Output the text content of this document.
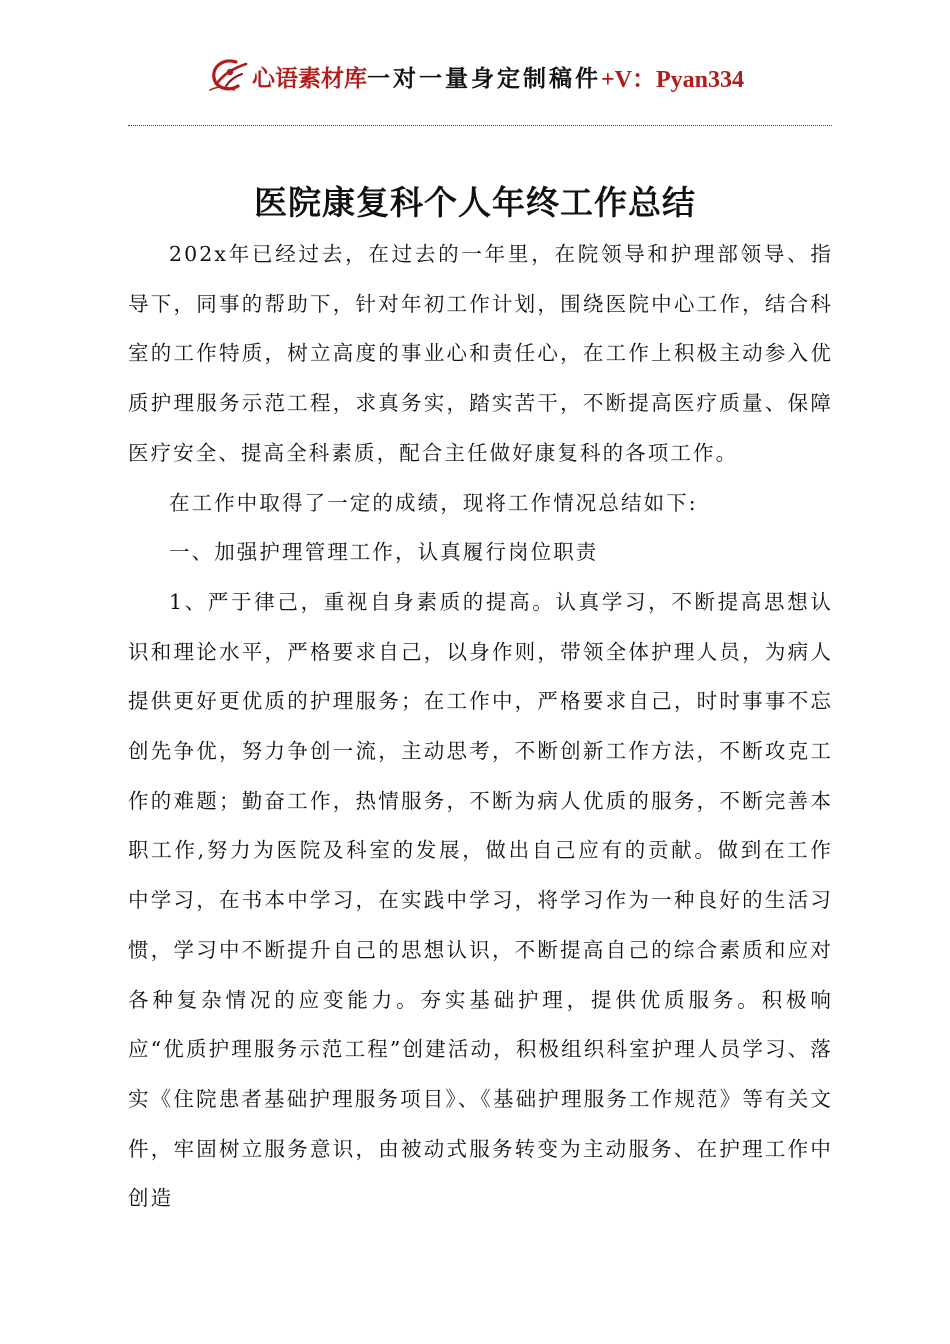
心语素材库一对一量身定制稿件+V：Pyan334
医院康复科个人年终工作总结

202x年已经过去，在过去的一年里，在院领导和护理部领导、指导下，同事的帮助下，针对年初工作计划，围绕医院中心工作，结合科室的工作特质，树立高度的事业心和责任心，在工作上积极主动参入优质护理服务示范工程，求真务实，踏实苦干，不断提高医疗质量、保障医疗安全、提高全科素质，配合主任做好康复科的各项工作。

在工作中取得了一定的成绩，现将工作情况总结如下:

一、加强护理管理工作，认真履行岗位职责

1、严于律己，重视自身素质的提高。认真学习，不断提高思想认识和理论水平，严格要求自己，以身作则，带领全体护理人员，为病人提供更好更优质的护理服务；在工作中，严格要求自己，时时事事不忘创先争优，努力争创一流，主动思考，不断创新工作方法，不断攻克工作的难题；勤奋工作，热情服务，不断为病人优质的服务，不断完善本职工作,努力为医院及科室的发展，做出自己应有的贡献。做到在工作中学习，在书本中学习，在实践中学习，将学习作为一种良好的生活习惯，学习中不断提升自己的思想认识，不断提高自己的综合素质和应对各种复杂情况的应变能力。夯实基础护理，提供优质服务。积极响应“优质护理服务示范工程”创建活动，积极组织科室护理人员学习、落实《住院患者基础护理服务项目》、《基础护理服务工作规范》等有关文件，牢固树立服务意识，由被动式服务转变为主动服务、在护理工作中创造
